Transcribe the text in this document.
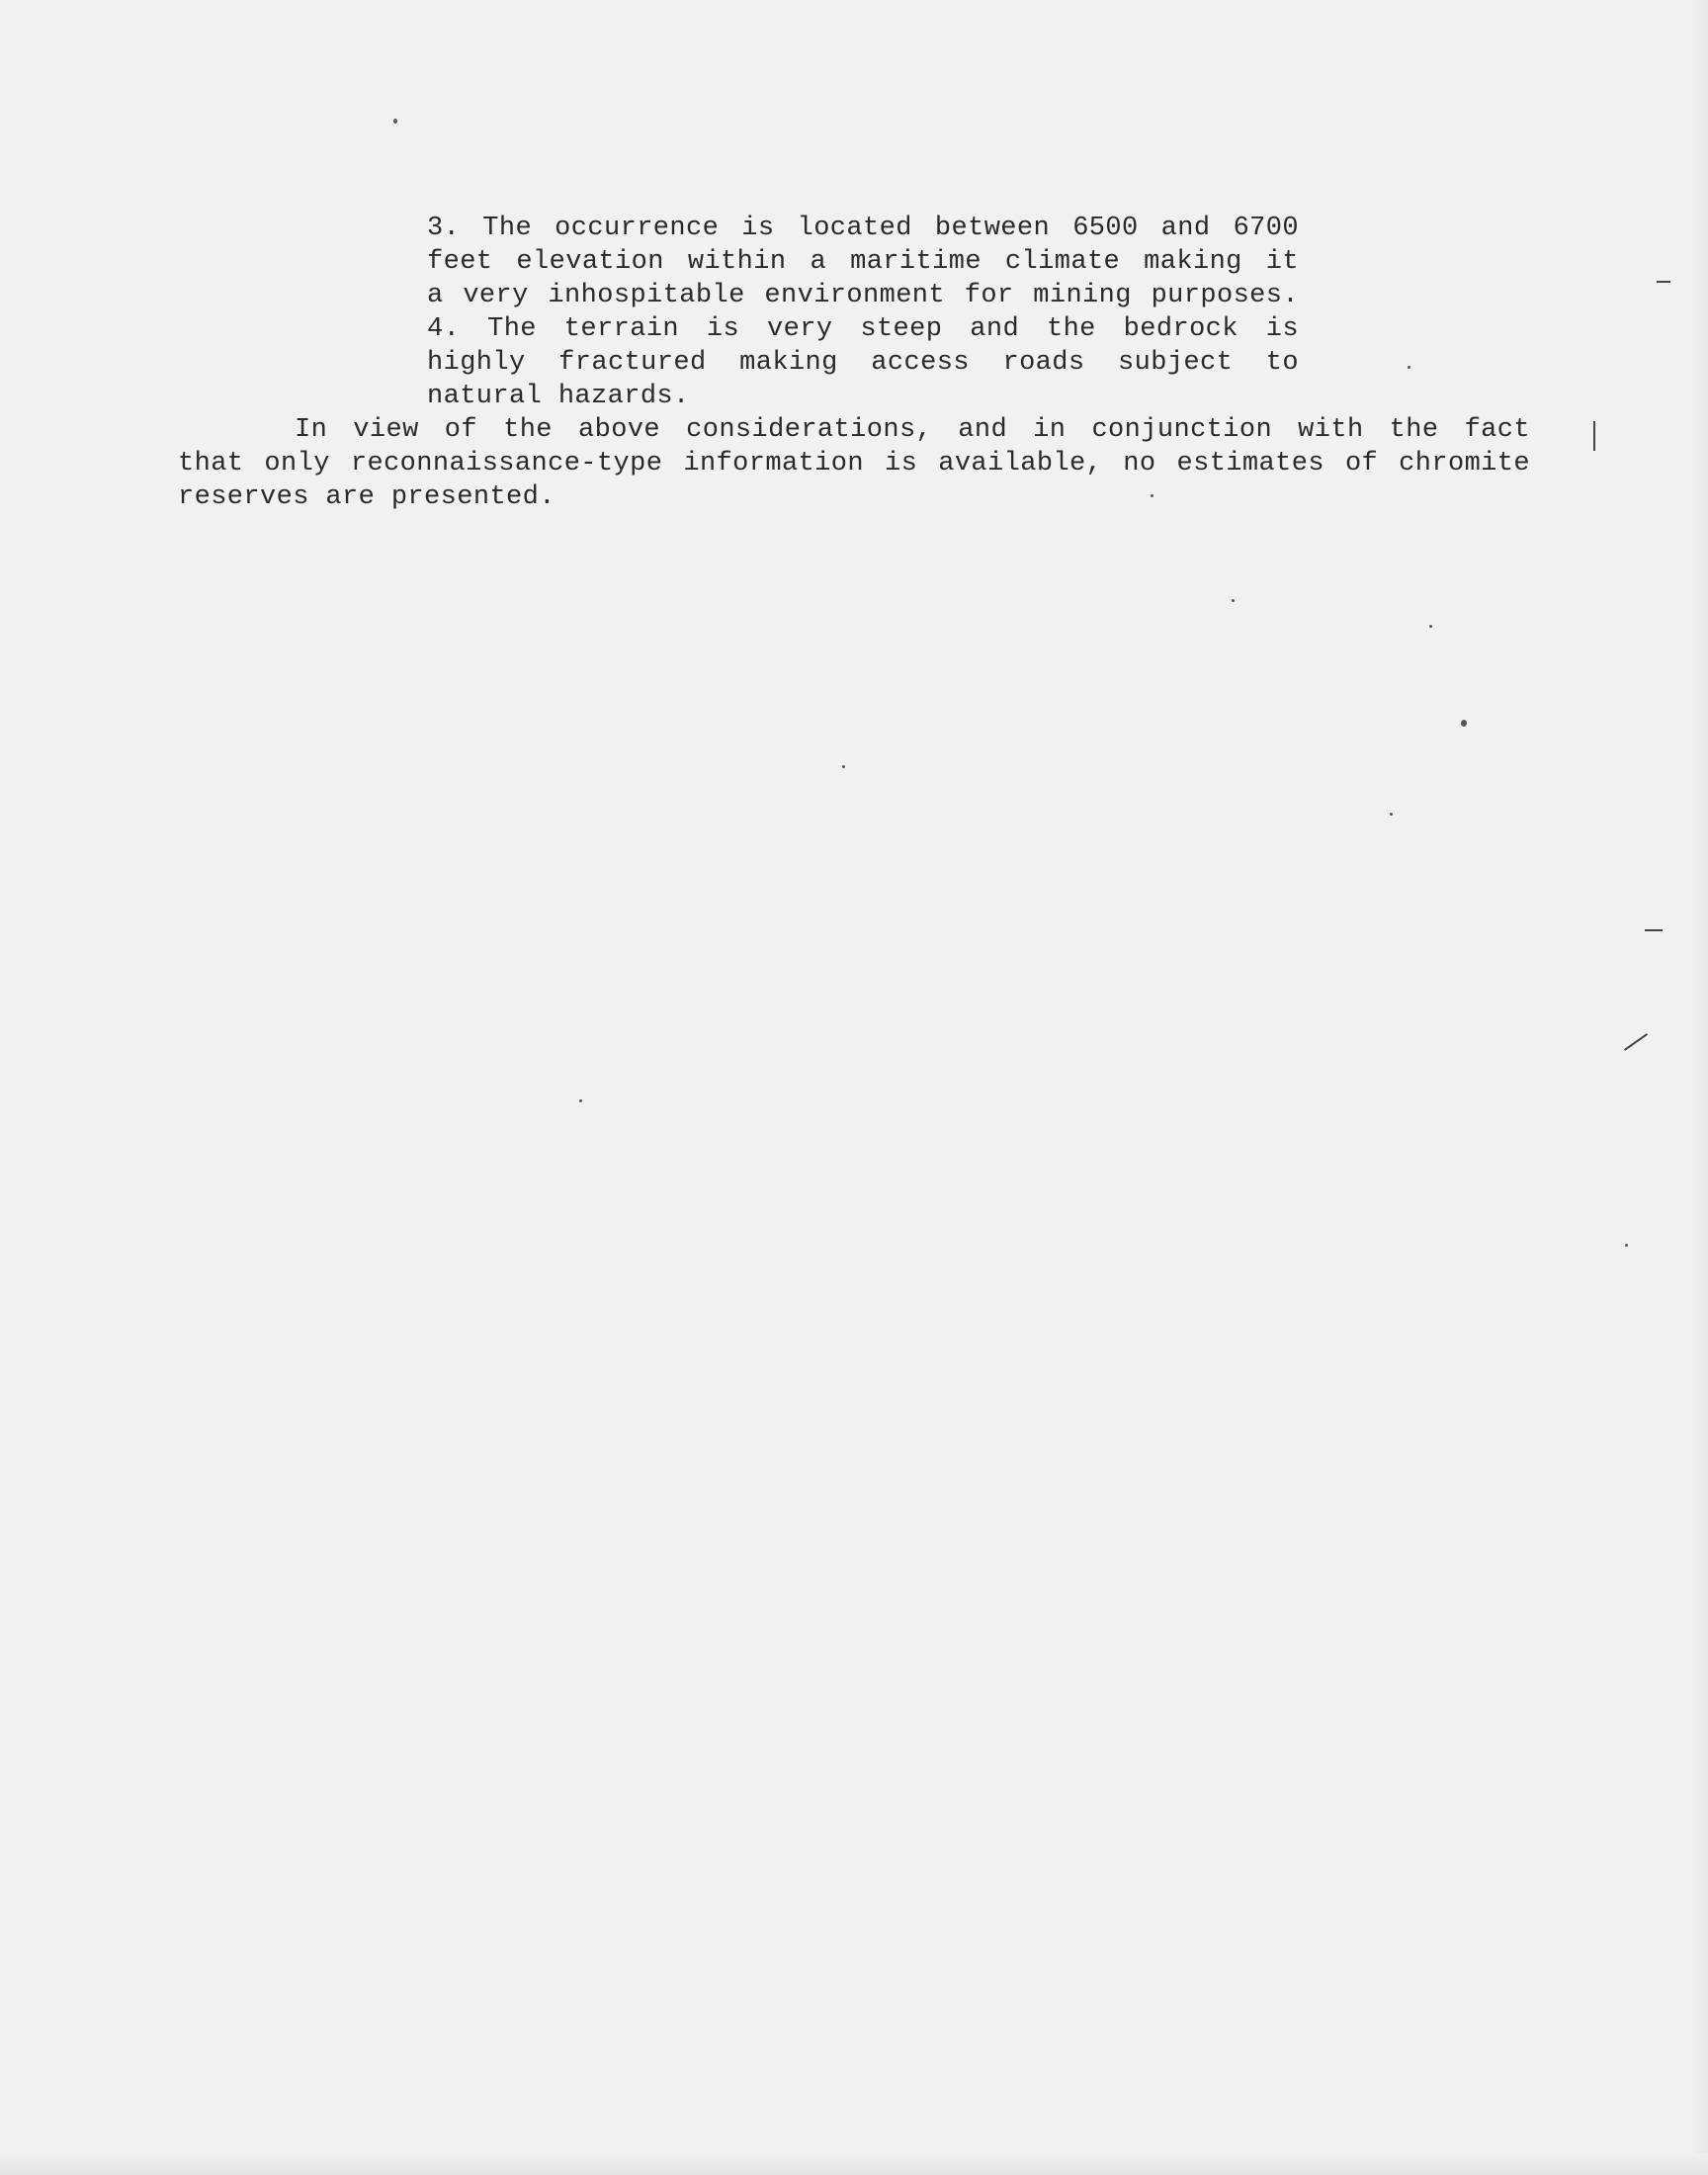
3. The occurrence is located between 6500 and 6700
feet elevation within a maritime climate making it
a very inhospitable environment for mining purposes.
4. The terrain is very steep and the bedrock is
highly fractured making access roads subject to
natural hazards.
In view of the above considerations, and in conjunction with the fact
that only reconnaissance-type information is available, no estimates of chromite
reserves are presented.
